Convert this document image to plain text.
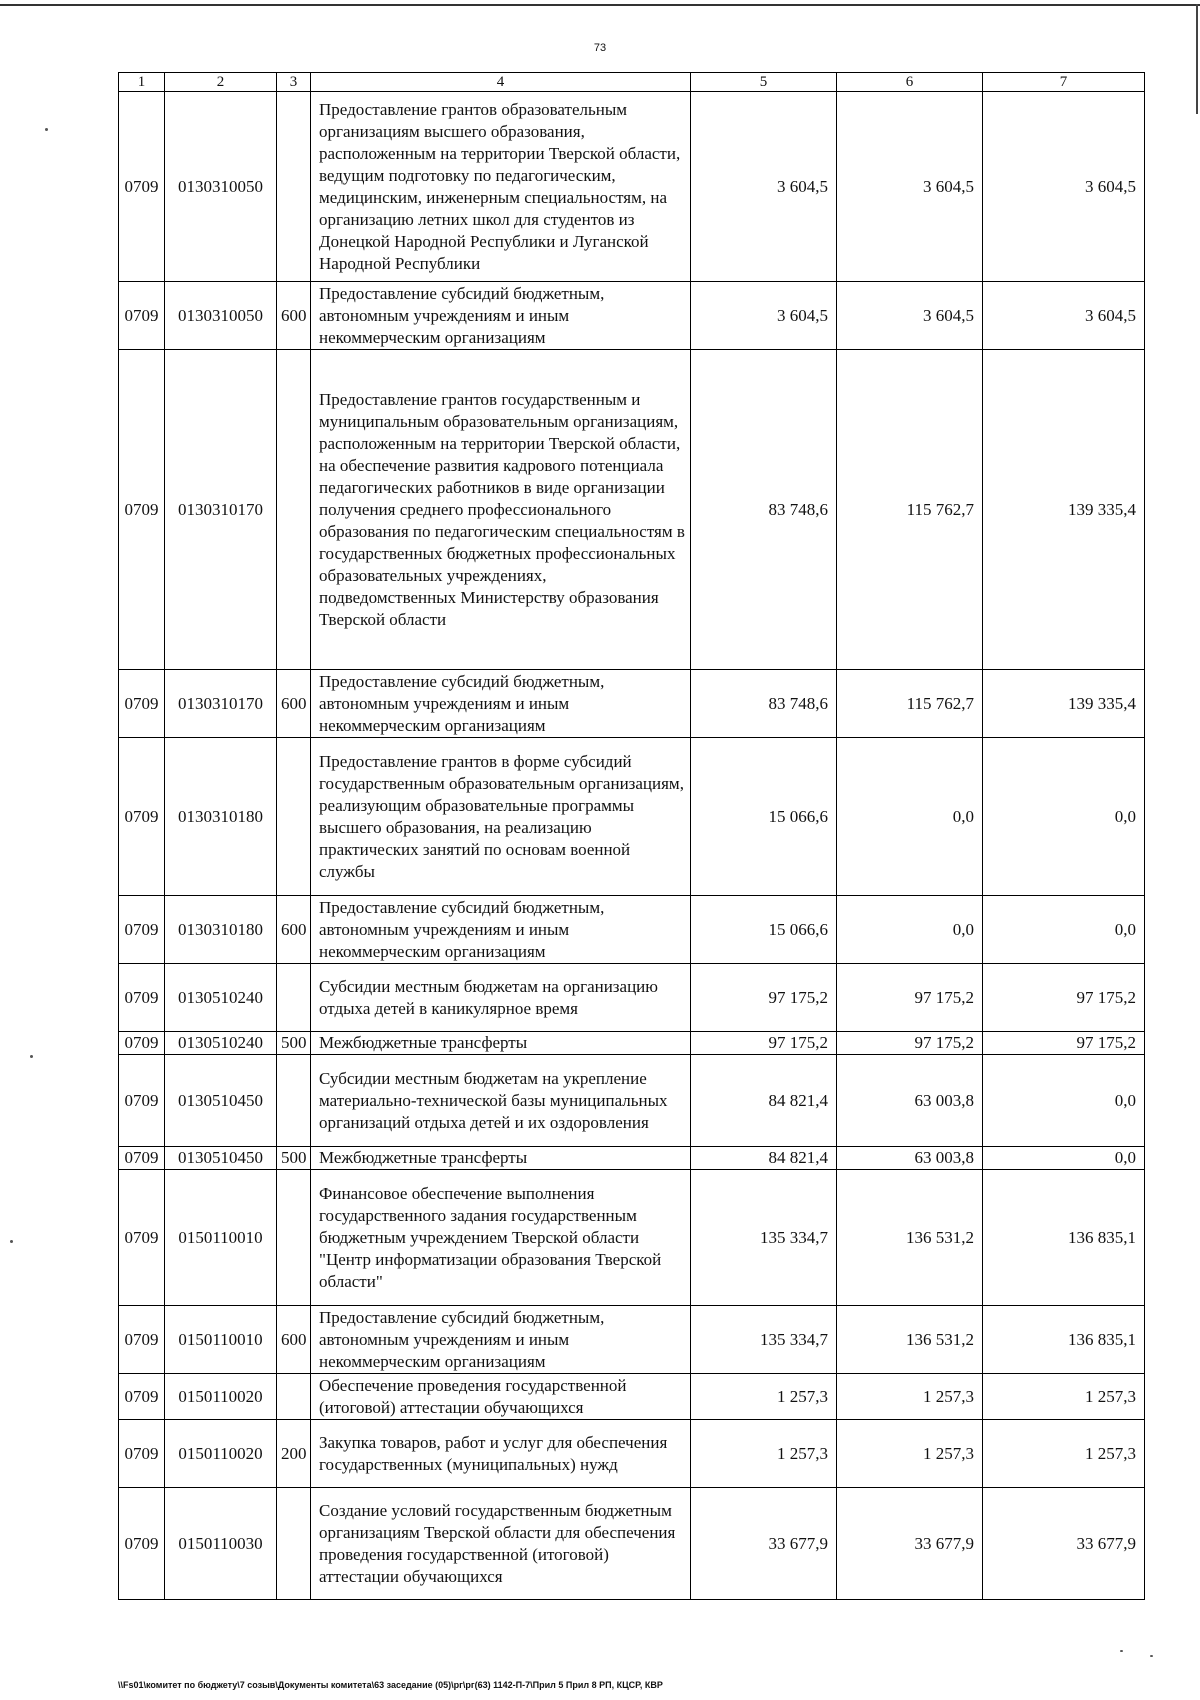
73
1	2	3	4	5	6	7
0709	0130310050		Предоставление грантов образовательным организациям высшего образования, расположенным на территории Тверской области, ведущим подготовку по педагогическим, медицинским, инженерным специальностям, на организацию летних школ для студентов из Донецкой Народной Республики и Луганской Народной Республики	3 604,5	3 604,5	3 604,5
0709	0130310050	600	Предоставление субсидий бюджетным, автономным учреждениям и иным некоммерческим организациям	3 604,5	3 604,5	3 604,5
0709	0130310170		Предоставление грантов государственным и муниципальным образовательным организациям, расположенным на территории Тверской области, на обеспечение развития кадрового потенциала педагогических работников в виде организации получения среднего профессионального образования по педагогическим специальностям в государственных бюджетных профессиональных образовательных учреждениях, подведомственных Министерству образования Тверской области	83 748,6	115 762,7	139 335,4
0709	0130310170	600	Предоставление субсидий бюджетным, автономным учреждениям и иным некоммерческим организациям	83 748,6	115 762,7	139 335,4
0709	0130310180		Предоставление грантов в форме субсидий государственным образовательным организациям, реализующим образовательные программы высшего образования, на реализацию практических занятий по основам военной службы	15 066,6	0,0	0,0
0709	0130310180	600	Предоставление субсидий бюджетным, автономным учреждениям и иным некоммерческим организациям	15 066,6	0,0	0,0
0709	0130510240		Субсидии местным бюджетам на организацию отдыха детей в каникулярное время	97 175,2	97 175,2	97 175,2
0709	0130510240	500	Межбюджетные трансферты	97 175,2	97 175,2	97 175,2
0709	0130510450		Субсидии местным бюджетам на укрепление материально-технической базы муниципальных организаций отдыха детей и их оздоровления	84 821,4	63 003,8	0,0
0709	0130510450	500	Межбюджетные трансферты	84 821,4	63 003,8	0,0
0709	0150110010		Финансовое обеспечение выполнения государственного задания государственным бюджетным учреждением Тверской области "Центр информатизации образования Тверской области"	135 334,7	136 531,2	136 835,1
0709	0150110010	600	Предоставление субсидий бюджетным, автономным учреждениям и иным некоммерческим организациям	135 334,7	136 531,2	136 835,1
0709	0150110020		Обеспечение проведения государственной (итоговой) аттестации обучающихся	1 257,3	1 257,3	1 257,3
0709	0150110020	200	Закупка товаров, работ и услуг для обеспечения государственных (муниципальных) нужд	1 257,3	1 257,3	1 257,3
0709	0150110030		Создание условий государственным бюджетным организациям Тверской области для обеспечения проведения государственной (итоговой) аттестации обучающихся	33 677,9	33 677,9	33 677,9
\\Fs01\комитет по бюджету\7 созыв\Документы комитета\63 заседание (05)\рг\рг(63) 1142-П-7\Прил 5 Прил 8 РП, КЦСР, КВР
